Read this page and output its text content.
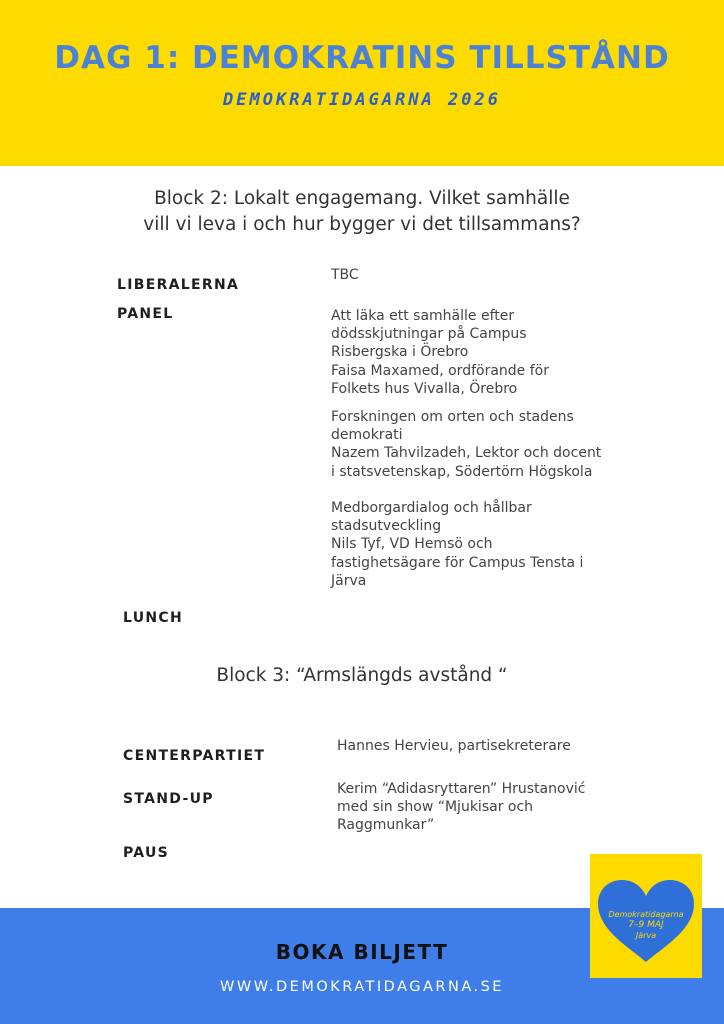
DAG 1: DEMOKRATINS TILLSTÅND
DEMOKRATIDAGARNA 2026
Block 2: Lokalt engagemang. Vilket samhälle
vill vi leva i och hur bygger vi det tillsammans?
LIBERALERNA
TBC
PANEL	Att läka ett samhälle efter
dödsskjutningar på Campus
Risbergska i Örebro
Faisa Maxamed, ordförande för
Folkets hus Vivalla, Örebro
Forskningen om orten och stadens
demokrati
Nazem Tahvilzadeh, Lektor och docent
i statsvetenskap, Södertörn Högskola
Medborgardialog och hållbar
stadsutveckling
Nils Tyf, VD Hemsö och
fastighetsägare för Campus Tensta i
Järva
LUNCH
Block 3: “Armslängds avstånd “
CENTERPARTIET
Hannes Hervieu, partisekreterare
STAND-UP
Kerim “Adidasryttaren” Hrustanović
med sin show “Mjukisar och
Raggmunkar”
PAUS
BOKA BILJETT
WWW.DEMOKRATIDAGARNA.SE
Demokratidagarna
7–9 MAJ
Järva
